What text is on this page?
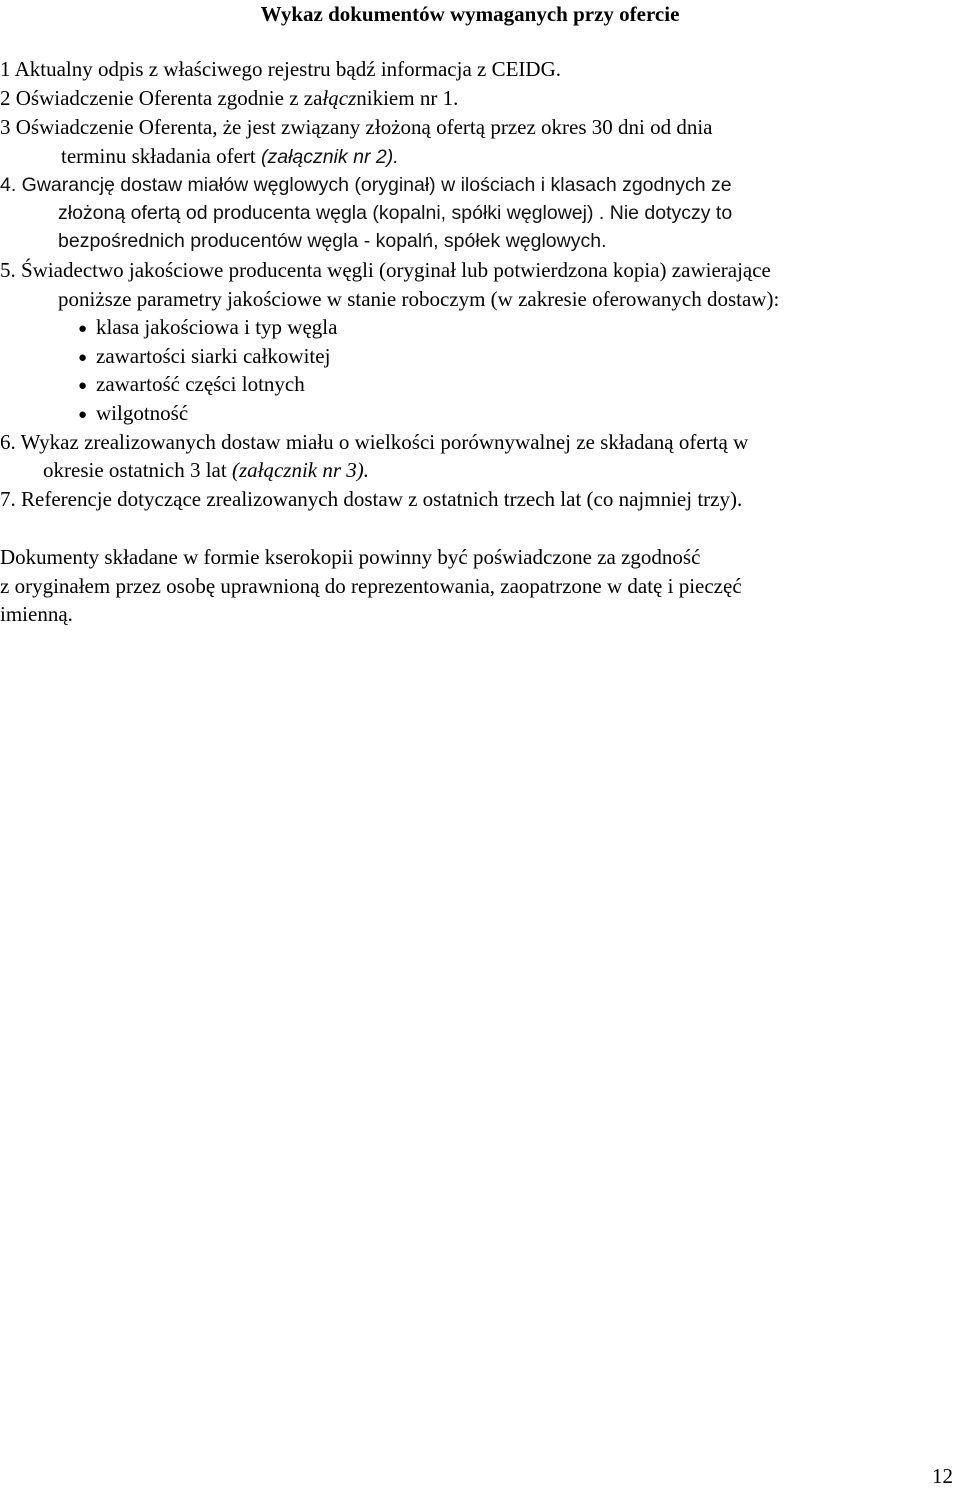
Wykaz dokumentów wymaganych przy ofercie
1 Aktualny odpis z właściwego rejestru bądź informacja z CEIDG.
2 Oświadczenie Oferenta zgodnie z załącznikiem nr 1.
3 Oświadczenie Oferenta, że jest związany złożoną ofertą przez okres 30 dni od dnia
terminu składania ofert (załącznik nr 2).
4. Gwarancję dostaw miałów węglowych (oryginał) w ilościach i klasach zgodnych ze
złożoną ofertą od producenta węgla (kopalni, spółki węglowej) . Nie dotyczy to
bezpośrednich producentów węgla - kopalń, spółek węglowych.
5. Świadectwo jakościowe producenta węgli (oryginał lub potwierdzona kopia) zawierające
poniższe parametry jakościowe w stanie roboczym (w zakresie oferowanych dostaw):
● klasa jakościowa i typ węgla
● zawartości siarki całkowitej
● zawartość części lotnych
● wilgotność
6. Wykaz zrealizowanych dostaw miału o wielkości porównywalnej ze składaną ofertą w
okresie ostatnich 3 lat (załącznik nr 3).
7. Referencje dotyczące zrealizowanych dostaw z ostatnich trzech lat (co najmniej trzy).
Dokumenty składane w formie kserokopii powinny być poświadczone za zgodność
z oryginałem przez osobę uprawnioną do reprezentowania, zaopatrzone w datę i pieczęć
imienną.
12
